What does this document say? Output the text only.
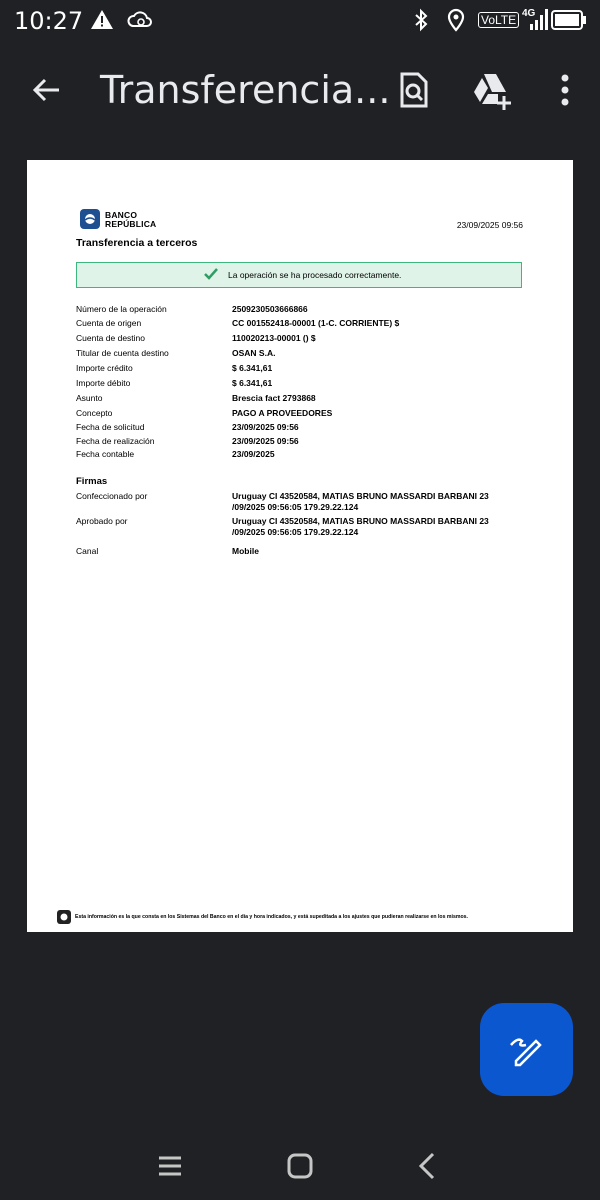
10:27	VoLTE 4G
Transferencia...
BANCO
REPÚBLICA	23/09/2025 09:56
Transferencia a terceros
La operación se ha procesado correctamente.
Número de la operación	2509230503666866
Cuenta de origen	CC 001552418-00001 (1-C. CORRIENTE) $
Cuenta de destino	110020213-00001 () $
Titular de cuenta destino	OSAN S.A.
Importe crédito	$ 6.341,61
Importe débito	$ 6.341,61
Asunto	Brescia fact 2793868
Concepto	PAGO A PROVEEDORES
Fecha de solicitud	23/09/2025 09:56
Fecha de realización	23/09/2025 09:56
Fecha contable	23/09/2025
Firmas
Confeccionado por	Uruguay CI 43520584, MATIAS BRUNO MASSARDI BARBANI 23 /09/2025 09:56:05 179.29.22.124
Aprobado por	Uruguay CI 43520584, MATIAS BRUNO MASSARDI BARBANI 23 /09/2025 09:56:05 179.29.22.124
Canal	Mobile
Esta información es la que consta en los Sistemas del Banco en el día y hora indicados, y está supeditada a los ajustes que pudieran realizarse en los mismos.
